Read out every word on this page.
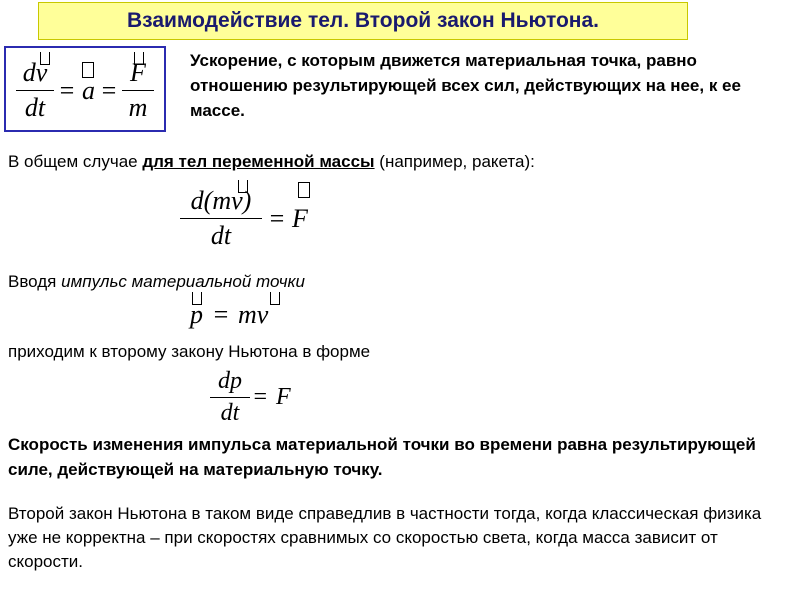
Взаимодействие тел. Второй закон Ньютона.
dv
dt
= a =
F
m
Ускорение, с которым движется материальная точка, равно отношению результирующей всех сил, действующих на нее, к ее массе.
В общем случае для тел переменной массы (например, ракета):
d(mv)
dt
= F
Вводя импульс материальной точки
p = mv
приходим к второму закону Ньютона в форме
dp
dt
= F
Скорость изменения импульса материальной точки во времени равна результирующей силе, действующей на материальную точку.
Второй закон Ньютона в таком виде справедлив в частности тогда, когда классическая физика уже не корректна – при скоростях сравнимых со скоростью света, когда масса зависит от скорости.
